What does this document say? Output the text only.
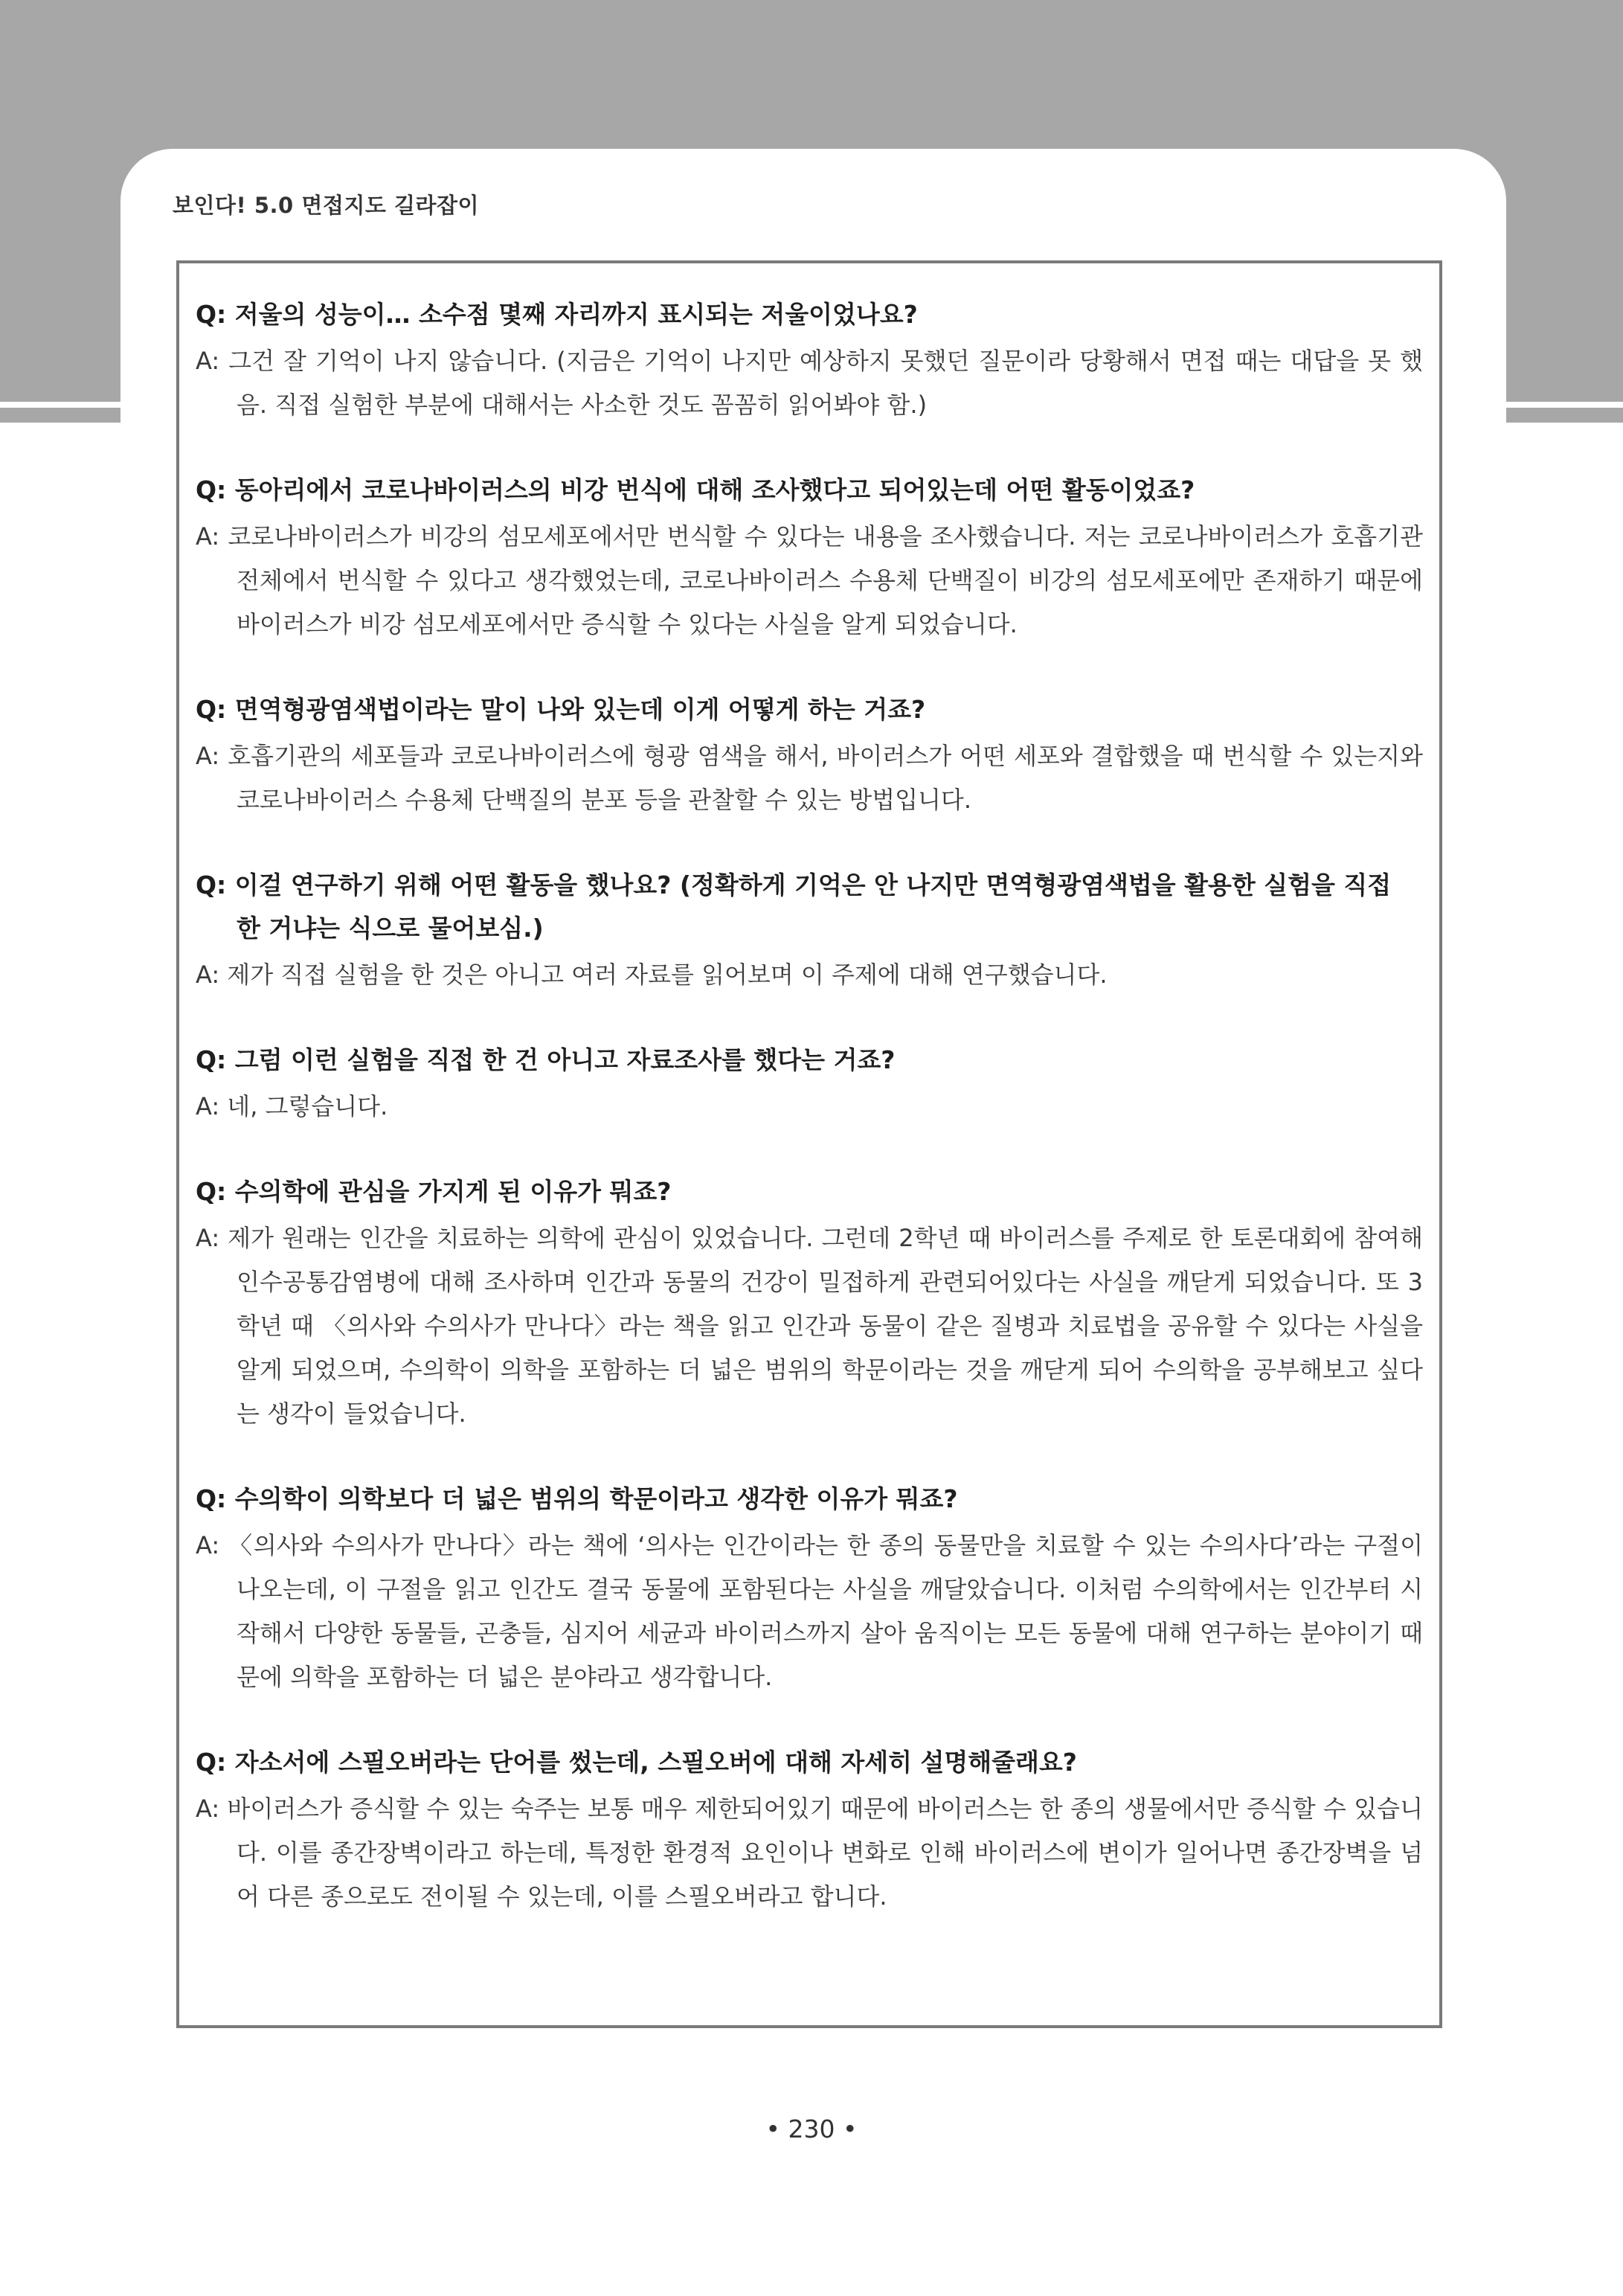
보인다! 5.0 면접지도 길라잡이
Q: 저울의 성능이… 소수점 몇째 자리까지 표시되는 저울이었나요?
A: 그건 잘 기억이 나지 않습니다. (지금은 기억이 나지만 예상하지 못했던 질문이라 당황해서 면접 때는 대답을 못 했음. 직접 실험한 부분에 대해서는 사소한 것도 꼼꼼히 읽어봐야 함.)
Q: 동아리에서 코로나바이러스의 비강 번식에 대해 조사했다고 되어있는데 어떤 활동이었죠?
A: 코로나바이러스가 비강의 섬모세포에서만 번식할 수 있다는 내용을 조사했습니다. 저는 코로나바이러스가 호흡기관 전체에서 번식할 수 있다고 생각했었는데, 코로나바이러스 수용체 단백질이 비강의 섬모세포에만 존재하기 때문에 바이러스가 비강 섬모세포에서만 증식할 수 있다는 사실을 알게 되었습니다.
Q: 면역형광염색법이라는 말이 나와 있는데 이게 어떻게 하는 거죠?
A: 호흡기관의 세포들과 코로나바이러스에 형광 염색을 해서, 바이러스가 어떤 세포와 결합했을 때 번식할 수 있는지와 코로나바이러스 수용체 단백질의 분포 등을 관찰할 수 있는 방법입니다.
Q: 이걸 연구하기 위해 어떤 활동을 했나요? (정확하게 기억은 안 나지만 면역형광염색법을 활용한 실험을 직접 한 거냐는 식으로 물어보심.)
A: 제가 직접 실험을 한 것은 아니고 여러 자료를 읽어보며 이 주제에 대해 연구했습니다.
Q: 그럼 이런 실험을 직접 한 건 아니고 자료조사를 했다는 거죠?
A: 네, 그렇습니다.
Q: 수의학에 관심을 가지게 된 이유가 뭐죠?
A: 제가 원래는 인간을 치료하는 의학에 관심이 있었습니다. 그런데 2학년 때 바이러스를 주제로 한 토론대회에 참여해 인수공통감염병에 대해 조사하며 인간과 동물의 건강이 밀접하게 관련되어있다는 사실을 깨닫게 되었습니다. 또 3학년 때 〈의사와 수의사가 만나다〉라는 책을 읽고 인간과 동물이 같은 질병과 치료법을 공유할 수 있다는 사실을 알게 되었으며, 수의학이 의학을 포함하는 더 넓은 범위의 학문이라는 것을 깨닫게 되어 수의학을 공부해보고 싶다는 생각이 들었습니다.
Q: 수의학이 의학보다 더 넓은 범위의 학문이라고 생각한 이유가 뭐죠?
A: 〈의사와 수의사가 만나다〉라는 책에 ‘의사는 인간이라는 한 종의 동물만을 치료할 수 있는 수의사다’라는 구절이 나오는데, 이 구절을 읽고 인간도 결국 동물에 포함된다는 사실을 깨달았습니다. 이처럼 수의학에서는 인간부터 시작해서 다양한 동물들, 곤충들, 심지어 세균과 바이러스까지 살아 움직이는 모든 동물에 대해 연구하는 분야이기 때문에 의학을 포함하는 더 넓은 분야라고 생각합니다.
Q: 자소서에 스필오버라는 단어를 썼는데, 스필오버에 대해 자세히 설명해줄래요?
A: 바이러스가 증식할 수 있는 숙주는 보통 매우 제한되어있기 때문에 바이러스는 한 종의 생물에서만 증식할 수 있습니다. 이를 종간장벽이라고 하는데, 특정한 환경적 요인이나 변화로 인해 바이러스에 변이가 일어나면 종간장벽을 넘어 다른 종으로도 전이될 수 있는데, 이를 스필오버라고 합니다.
• 230 •
